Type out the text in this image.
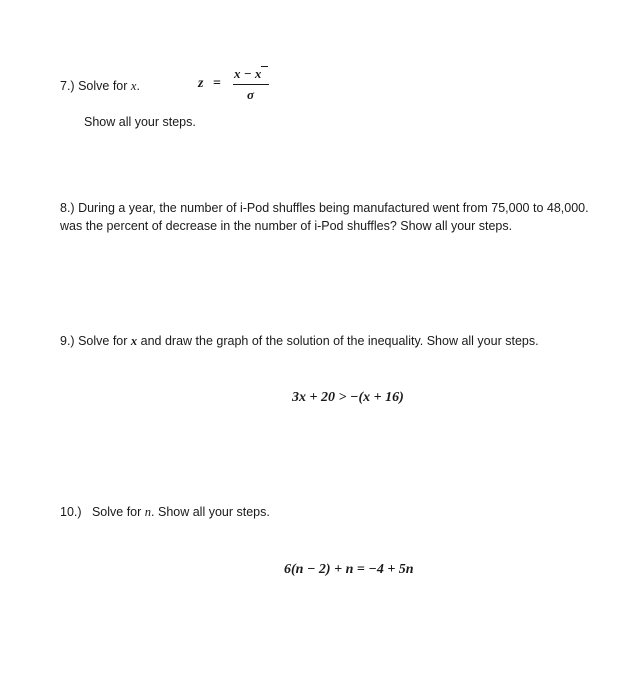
7.) Solve for x.	z =
x − x
σ
Show all your steps.
8.) During a year, the number of i-Pod shuffles being manufactured went from 75,000 to 48,000.
was the percent of decrease in the number of i-Pod shuffles? Show all your steps.
9.) Solve for x and draw the graph of the solution of the inequality. Show all your steps.
3x + 20 > −(x + 16)
10.) Solve for n. Show all your steps.
6(n − 2) + n = −4 + 5n
